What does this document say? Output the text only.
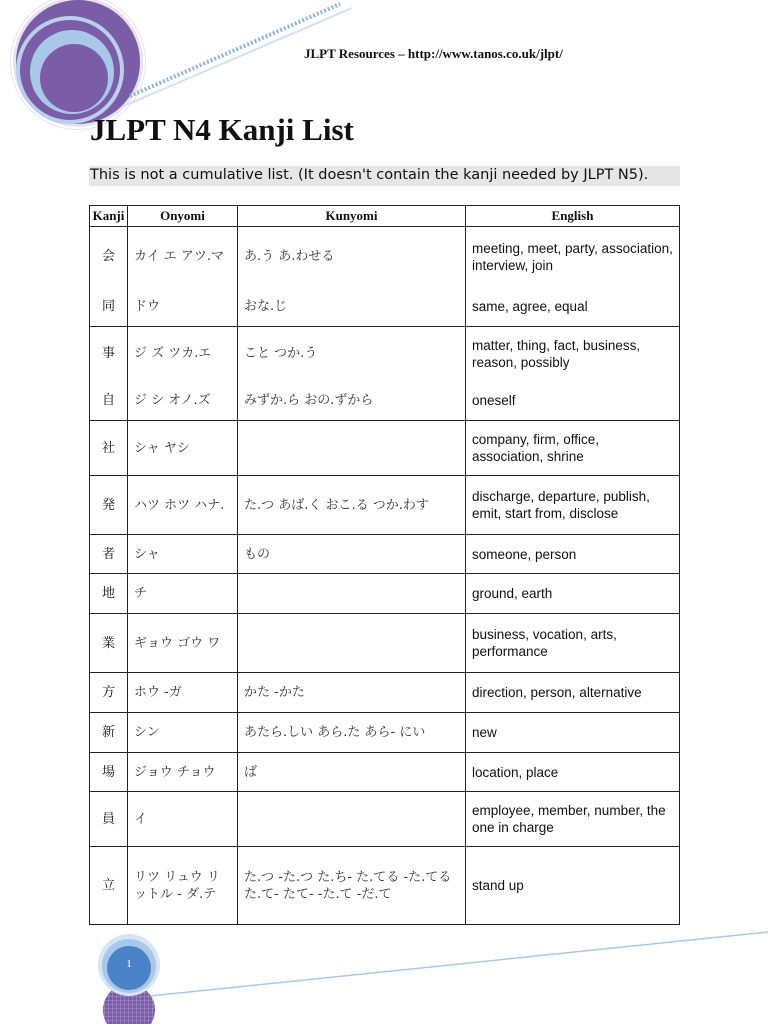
JLPT Resources – http://www.tanos.co.uk/jlpt/
JLPT N4 Kanji List
This is not a cumulative list. (It doesn't contain the kanji needed by JLPT N5).
Kanji	Onyomi	Kunyomi	English
会	カイ エ アツ.マ	あ.う あ.わせる	meeting, meet, party, association, interview, join
同	ドウ	おな.じ	same, agree, equal
事	ジ ズ ツカ.エ	こと つか.う	matter, thing, fact, business, reason, possibly
自	ジ シ オノ.ズ	みずか.ら おの.ずから	oneself
社	シャ ヤシ		company, firm, office, association, shrine
発	ハツ ホツ ハナ.	た.つ あば.く おこ.る つか.わす	discharge, departure, publish, emit, start from, disclose
者	シャ	もの	someone, person
地	チ		ground, earth
業	ギョウ ゴウ ワ		business, vocation, arts, performance
方	ホウ -ガ	かた -かた	direction, person, alternative
新	シン	あたら.しい あら.た あら- にい	new
場	ジョウ チョウ	ば	location, place
員	イ		employee, member, number, the one in charge
立	リツ リュウ リットル - ダ.テ	た.つ -た.つ た.ち- た.てる -た.てる た.て- たて- -た.て -だ.て	stand up
1
